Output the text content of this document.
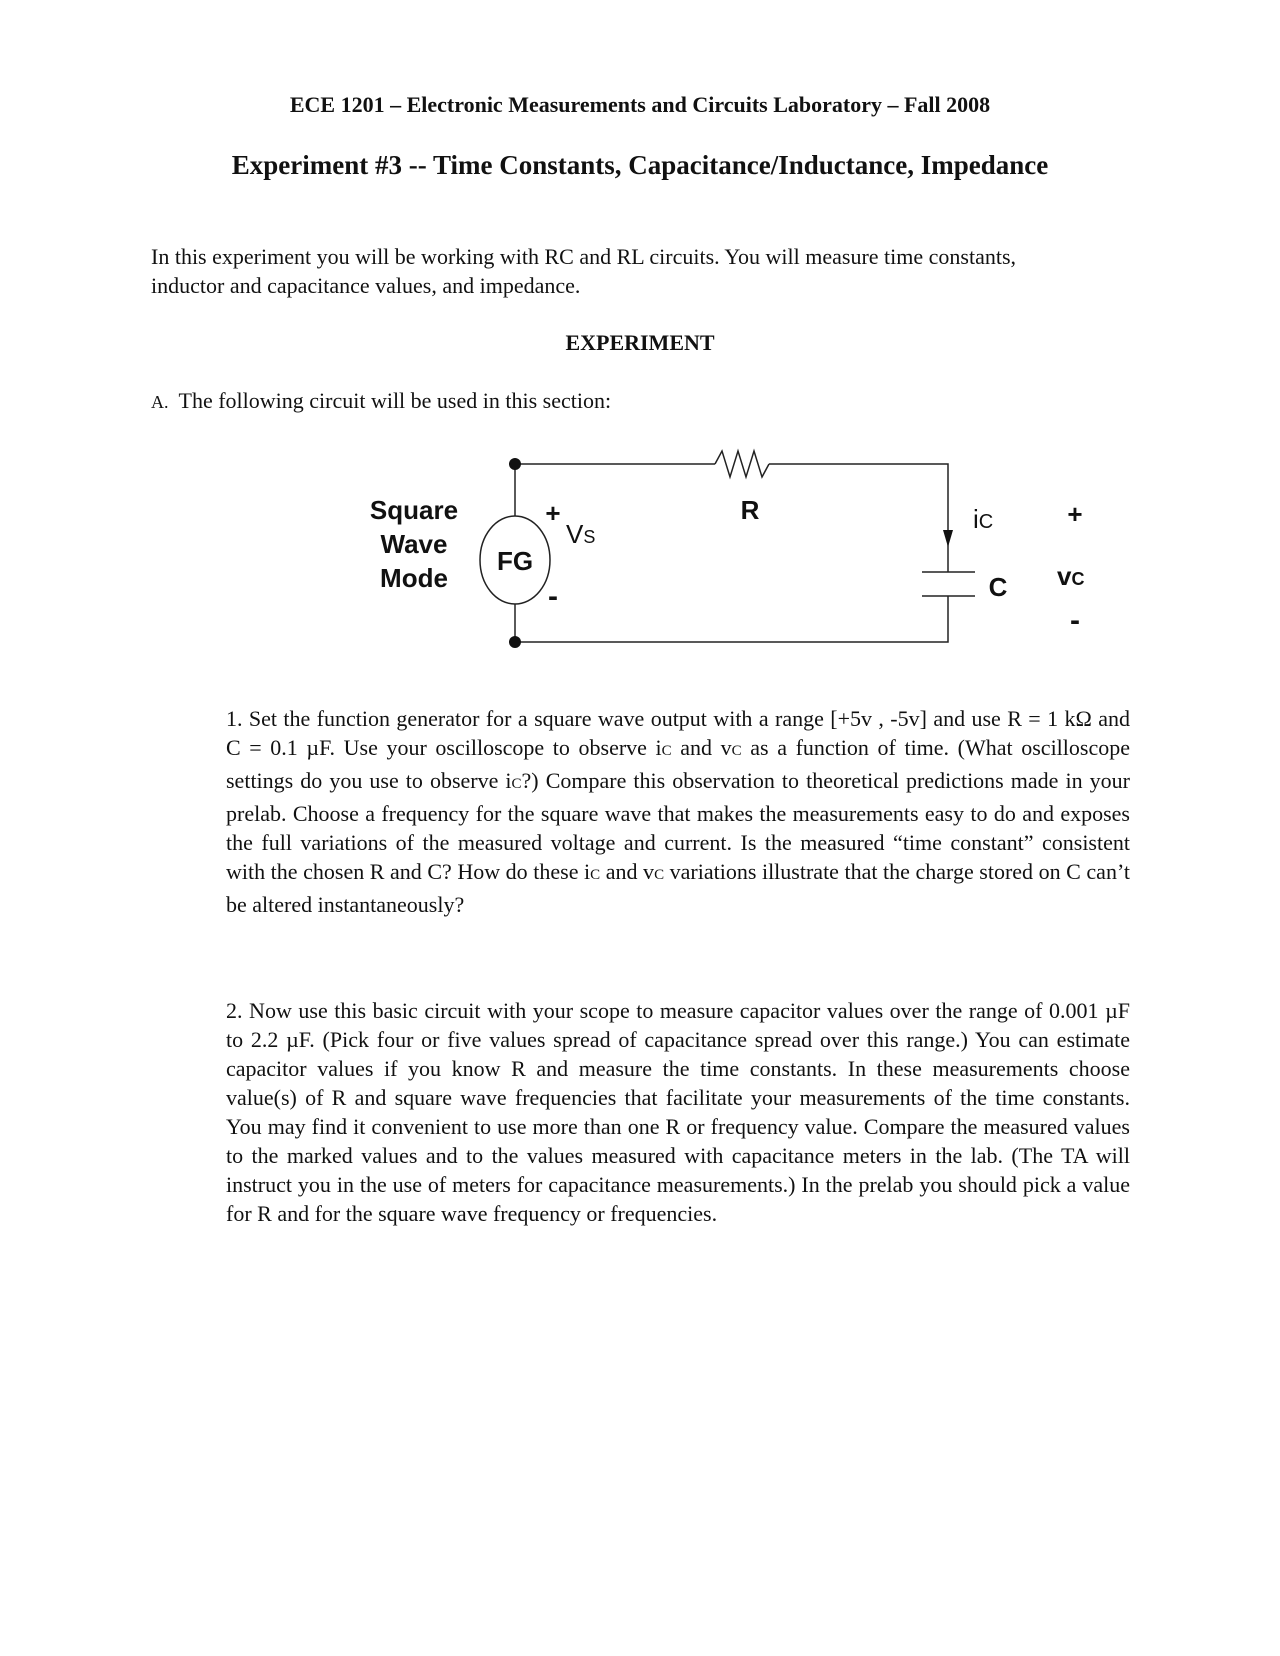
ECE 1201 – Electronic Measurements and Circuits Laboratory – Fall 2008
Experiment #3 -- Time Constants, Capacitance/Inductance, Impedance
In this experiment you will be working with RC and RL circuits. You will measure time constants, inductor and capacitance values, and impedance.
EXPERIMENT
A. The following circuit will be used in this section:
Square
Wave
Mode
FG
+
-
R
C
+
-
VS
iC
vC
1. Set the function generator for a square wave output with a range [+5v , -5v] and use R = 1 kΩ and C = 0.1 µF. Use your oscilloscope to observe iC and vC as a function of time. (What oscilloscope settings do you use to observe iC?) Compare this observation to theoretical predictions made in your prelab. Choose a frequency for the square wave that makes the measurements easy to do and exposes the full variations of the measured voltage and current. Is the measured “time constant” consistent with the chosen R and C? How do these iC and vC variations illustrate that the charge stored on C can’t be altered instantaneously?
2. Now use this basic circuit with your scope to measure capacitor values over the range of 0.001 µF to 2.2 µF. (Pick four or five values spread of capacitance spread over this range.) You can estimate capacitor values if you know R and measure the time constants. In these measurements choose value(s) of R and square wave frequencies that facilitate your measurements of the time constants. You may find it convenient to use more than one R or frequency value. Compare the measured values to the marked values and to the values measured with capacitance meters in the lab. (The TA will instruct you in the use of meters for capacitance measurements.) In the prelab you should pick a value for R and for the square wave frequency or frequencies.
